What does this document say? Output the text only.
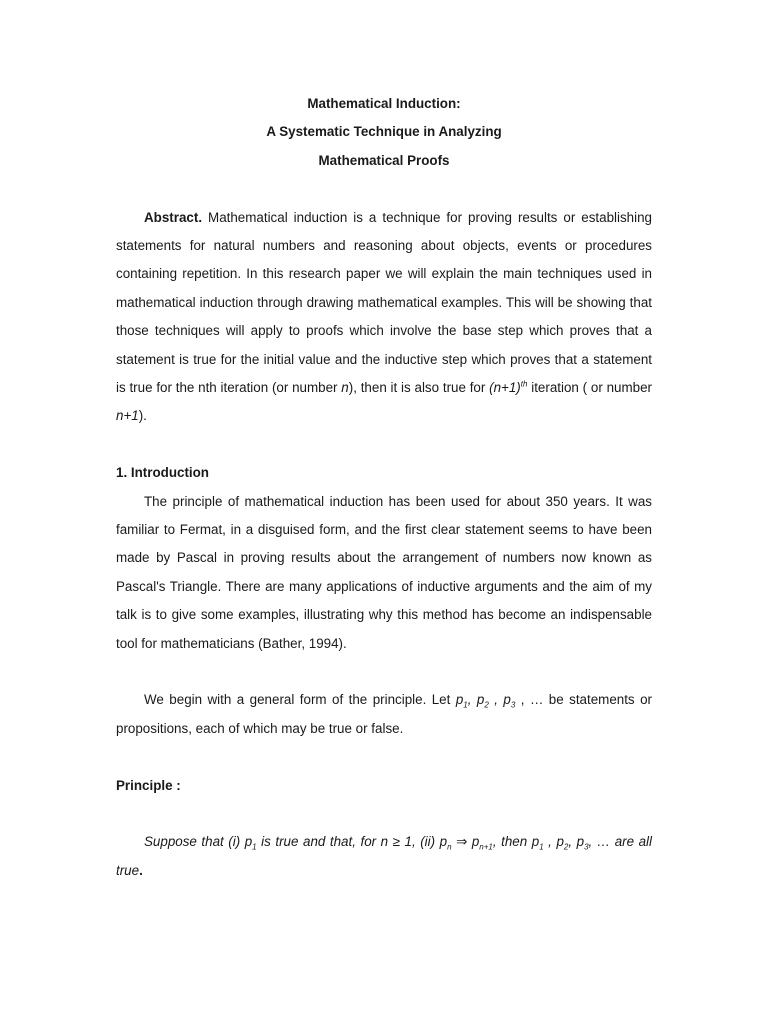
Mathematical Induction:
A Systematic Technique in Analyzing
Mathematical Proofs

Abstract. Mathematical induction is a technique for proving results or establishing statements for natural numbers and reasoning about objects, events or procedures containing repetition. In this research paper we will explain the main techniques used in mathematical induction through drawing mathematical examples. This will be showing that those techniques will apply to proofs which involve the base step which proves that a statement is true for the initial value and the inductive step which proves that a statement is true for the nth iteration (or number n), then it is also true for $(n+1)^{th}$ iteration ( or number n+1).

1. Introduction

The principle of mathematical induction has been used for about 350 years. It was familiar to Fermat, in a disguised form, and the first clear statement seems to have been made by Pascal in proving results about the arrangement of numbers now known as Pascal's Triangle. There are many applications of inductive arguments and the aim of my talk is to give some examples, illustrating why this method has become an indispensable tool for mathematicians (Bather, 1994).

We begin with a general form of the principle. Let $p_1$, $p_2$ , $p_3$ , … be statements or propositions, each of which may be true or false.

Principle :

Suppose that (i) $p_1$ is true and that, for n ≥ 1, (ii) $p_n$ ⇒ $p_{n+1}$, then $p_1$ , $p_2$, $p_3$, … are all true.
